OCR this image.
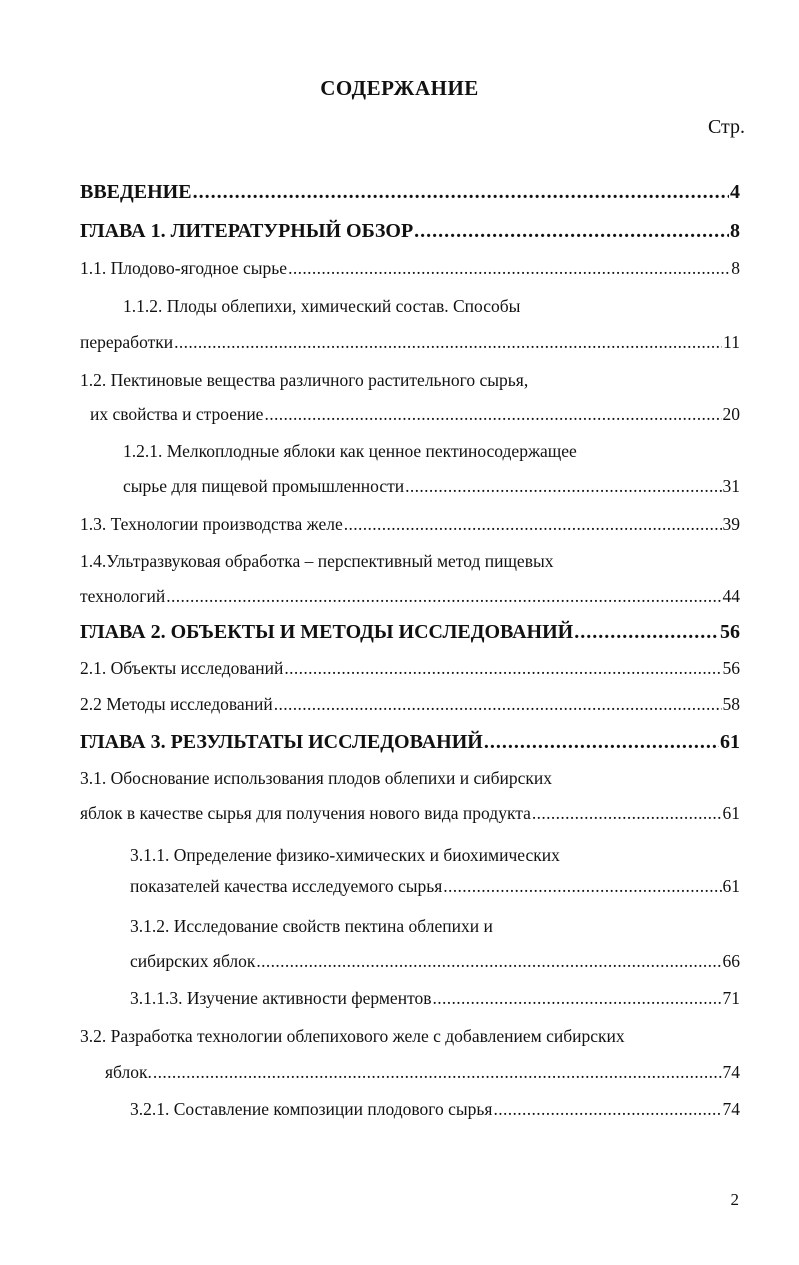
СОДЕРЖАНИЕ
Стр.
ВВЕДЕНИЕ . . .	4
ГЛАВА 1. ЛИТЕРАТУРНЫЙ ОБЗОР . . .	8
1.1. Плодово-ягодное сырье . . .	8
1.1.2. Плоды облепихи, химический состав. Способы
переработки . . .	11
1.2. Пектиновые вещества различного растительного сырья,
их свойства и строение . . .	20
1.2.1. Мелкоплодные яблоки как ценное пектиносодержащее
сырье для пищевой промышленности . . .	31
1.3. Технологии производства желе . . .	39
1.4.Ультразвуковая обработка – перспективный метод пищевых
технологий . . .	44
ГЛАВА 2. ОБЪЕКТЫ И МЕТОДЫ ИССЛЕДОВАНИЙ . . .	56
2.1. Объекты исследований . . .	56
2.2 Методы исследований . . .	58
ГЛАВА 3. РЕЗУЛЬТАТЫ ИССЛЕДОВАНИЙ . . .	61
3.1. Обоснование использования плодов облепихи и сибирских
яблок в качестве сырья для получения нового вида продукта . . .	61
3.1.1. Определение физико-химических и биохимических
показателей качества исследуемого сырья . . .	61
3.1.2. Исследование свойств пектина облепихи и
сибирских яблок . . .	66
3.1.1.3. Изучение активности ферментов . . .	71
3.2. Разработка технологии облепихового желе с добавлением сибирских
яблок. . . .	74
3.2.1. Составление композиции плодового сырья . . .	74
2
